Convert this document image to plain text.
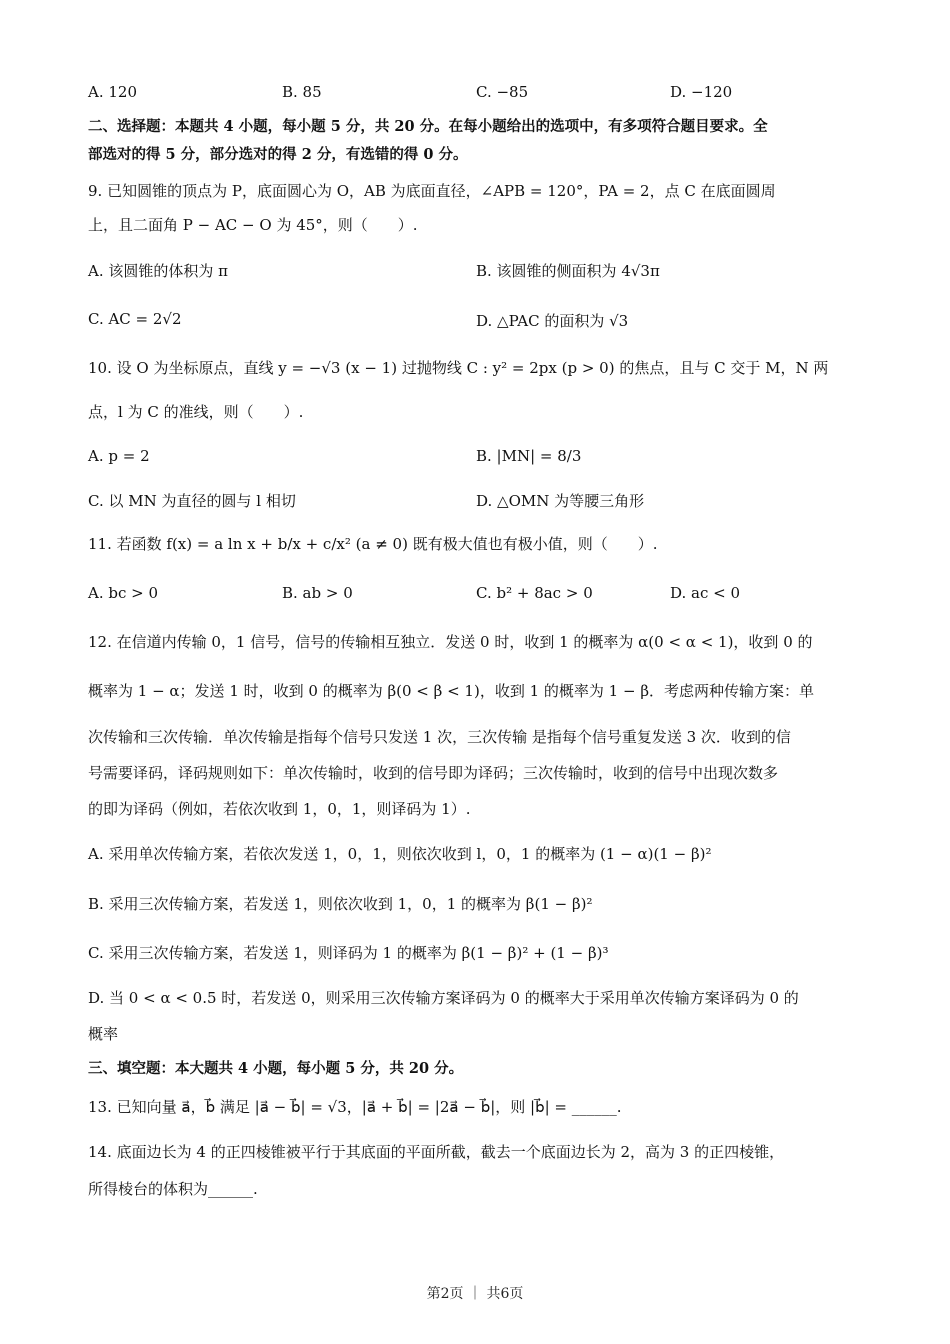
A. 120	B. 85	C. −85	D. −120
二、选择题：本题共 4 小题，每小题 5 分，共 20 分。在每小题给出的选项中，有多项符合题目要求。全
部选对的得 5 分，部分选对的得 2 分，有选错的得 0 分。
9. 已知圆锥的顶点为 P，底面圆心为 O，AB 为底面直径，∠APB = 120°，PA = 2，点 C 在底面圆周
上，且二面角 P − AC − O 为 45°，则（　　）.
A. 该圆锥的体积为 π	B. 该圆锥的侧面积为 4√3π
C. AC = 2√2	D. △PAC 的面积为 √3
10. 设 O 为坐标原点，直线 y = −√3 (x − 1) 过抛物线 C : y² = 2px (p > 0) 的焦点，且与 C 交于 M，N 两
点，l 为 C 的准线，则（　　）.
A. p = 2	B. |MN| = 8/3
C. 以 MN 为直径的圆与 l 相切	D. △OMN 为等腰三角形
11. 若函数 f(x) = a ln x + b/x + c/x² (a ≠ 0) 既有极大值也有极小值，则（　　）.
A. bc > 0	B. ab > 0	C. b² + 8ac > 0	D. ac < 0
12. 在信道内传输 0，1 信号，信号的传输相互独立．发送 0 时，收到 1 的概率为 α(0 < α < 1)，收到 0 的
概率为 1 − α；发送 1 时，收到 0 的概率为 β(0 < β < 1)，收到 1 的概率为 1 − β．考虑两种传输方案：单
次传输和三次传输．单次传输是指每个信号只发送 1 次，三次传输 是指每个信号重复发送 3 次．收到的信
号需要译码，译码规则如下：单次传输时，收到的信号即为译码；三次传输时，收到的信号中出现次数多
的即为译码（例如，若依次收到 1，0，1，则译码为 1）.
A. 采用单次传输方案，若依次发送 1，0，1，则依次收到 l，0，1 的概率为 (1 − α)(1 − β)²
B. 采用三次传输方案，若发送 1，则依次收到 1，0，1 的概率为 β(1 − β)²
C. 采用三次传输方案，若发送 1，则译码为 1 的概率为 β(1 − β)² + (1 − β)³
D. 当 0 < α < 0.5 时，若发送 0，则采用三次传输方案译码为 0 的概率大于采用单次传输方案译码为 0 的
概率
三、填空题：本大题共 4 小题，每小题 5 分，共 20 分。
13. 已知向量 a⃗，b⃗ 满足 |a⃗ − b⃗| = √3，|a⃗ + b⃗| = |2a⃗ − b⃗|，则 |b⃗| = ______.
14. 底面边长为 4 的正四棱锥被平行于其底面的平面所截，截去一个底面边长为 2，高为 3 的正四棱锥，
所得棱台的体积为______.
第2页 ｜ 共6页
